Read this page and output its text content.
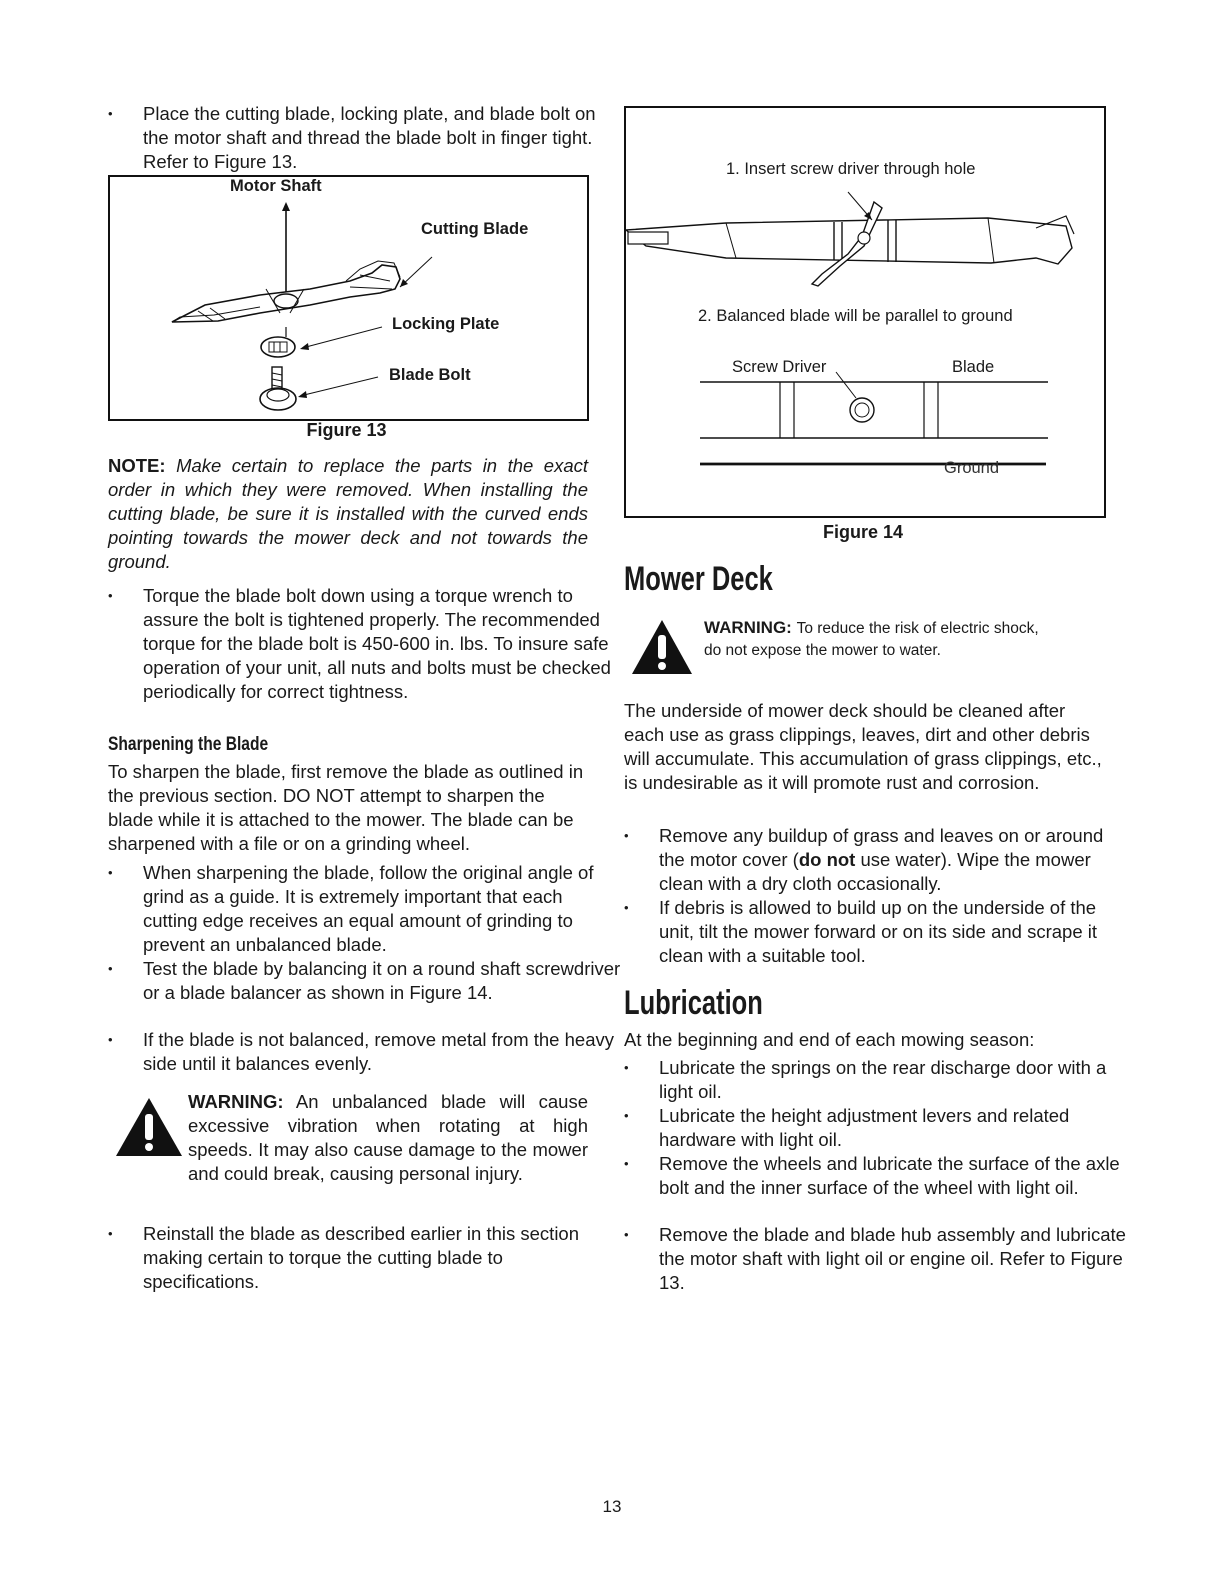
• Place the cutting blade, locking plate, and blade bolt on the motor shaft and thread the blade bolt in finger tight. Refer to Figure 13.
Motor Shaft
Cutting Blade
Locking Plate
Blade Bolt
Figure 13
NOTE: Make certain to replace the parts in the exact order in which they were removed. When installing the cutting blade, be sure it is installed with the curved ends pointing towards the mower deck and not towards the ground.
• Torque the blade bolt down using a torque wrench to assure the bolt is tightened properly. The recommended torque for the blade bolt is 450-600 in. lbs. To insure safe operation of your unit, all nuts and bolts must be checked periodically for correct tightness.
Sharpening the Blade

To sharpen the blade, first remove the blade as outlined in the previous section. DO NOT attempt to sharpen the blade while it is attached to the mower. The blade can be sharpened with a file or on a grinding wheel.

• When sharpening the blade, follow the original angle of grind as a guide. It is extremely important that each cutting edge receives an equal amount of grinding to prevent an unbalanced blade.
• Test the blade by balancing it on a round shaft screwdriver or a blade balancer as shown in Figure 14.
• If the blade is not balanced, remove metal from the heavy side until it balances evenly.
WARNING: An unbalanced blade will cause excessive vibration when rotating at high speeds. It may also cause damage to the mower and could break, causing personal injury.
• Reinstall the blade as described earlier in this section making certain to torque the cutting blade to specifications.
1. Insert screw driver through hole
2. Balanced blade will be parallel to ground
Screw Driver	Blade
Ground
Figure 14
Mower Deck
WARNING: To reduce the risk of electric shock,
do not expose the mower to water.

The underside of mower deck should be cleaned after each use as grass clippings, leaves, dirt and other debris will accumulate. This accumulation of grass clippings, etc., is undesirable as it will promote rust and corrosion.

• Remove any buildup of grass and leaves on or around the motor cover (do not use water). Wipe the mower clean with a dry cloth occasionally.
• If debris is allowed to build up on the underside of the unit, tilt the mower forward or on its side and scrape it clean with a suitable tool.
Lubrication

At the beginning and end of each mowing season:

• Lubricate the springs on the rear discharge door with a light oil.
• Lubricate the height adjustment levers and related hardware with light oil.
• Remove the wheels and lubricate the surface of the axle bolt and the inner surface of the wheel with light oil.
• Remove the blade and blade hub assembly and lubricate the motor shaft with light oil or engine oil. Refer to Figure 13.
13
